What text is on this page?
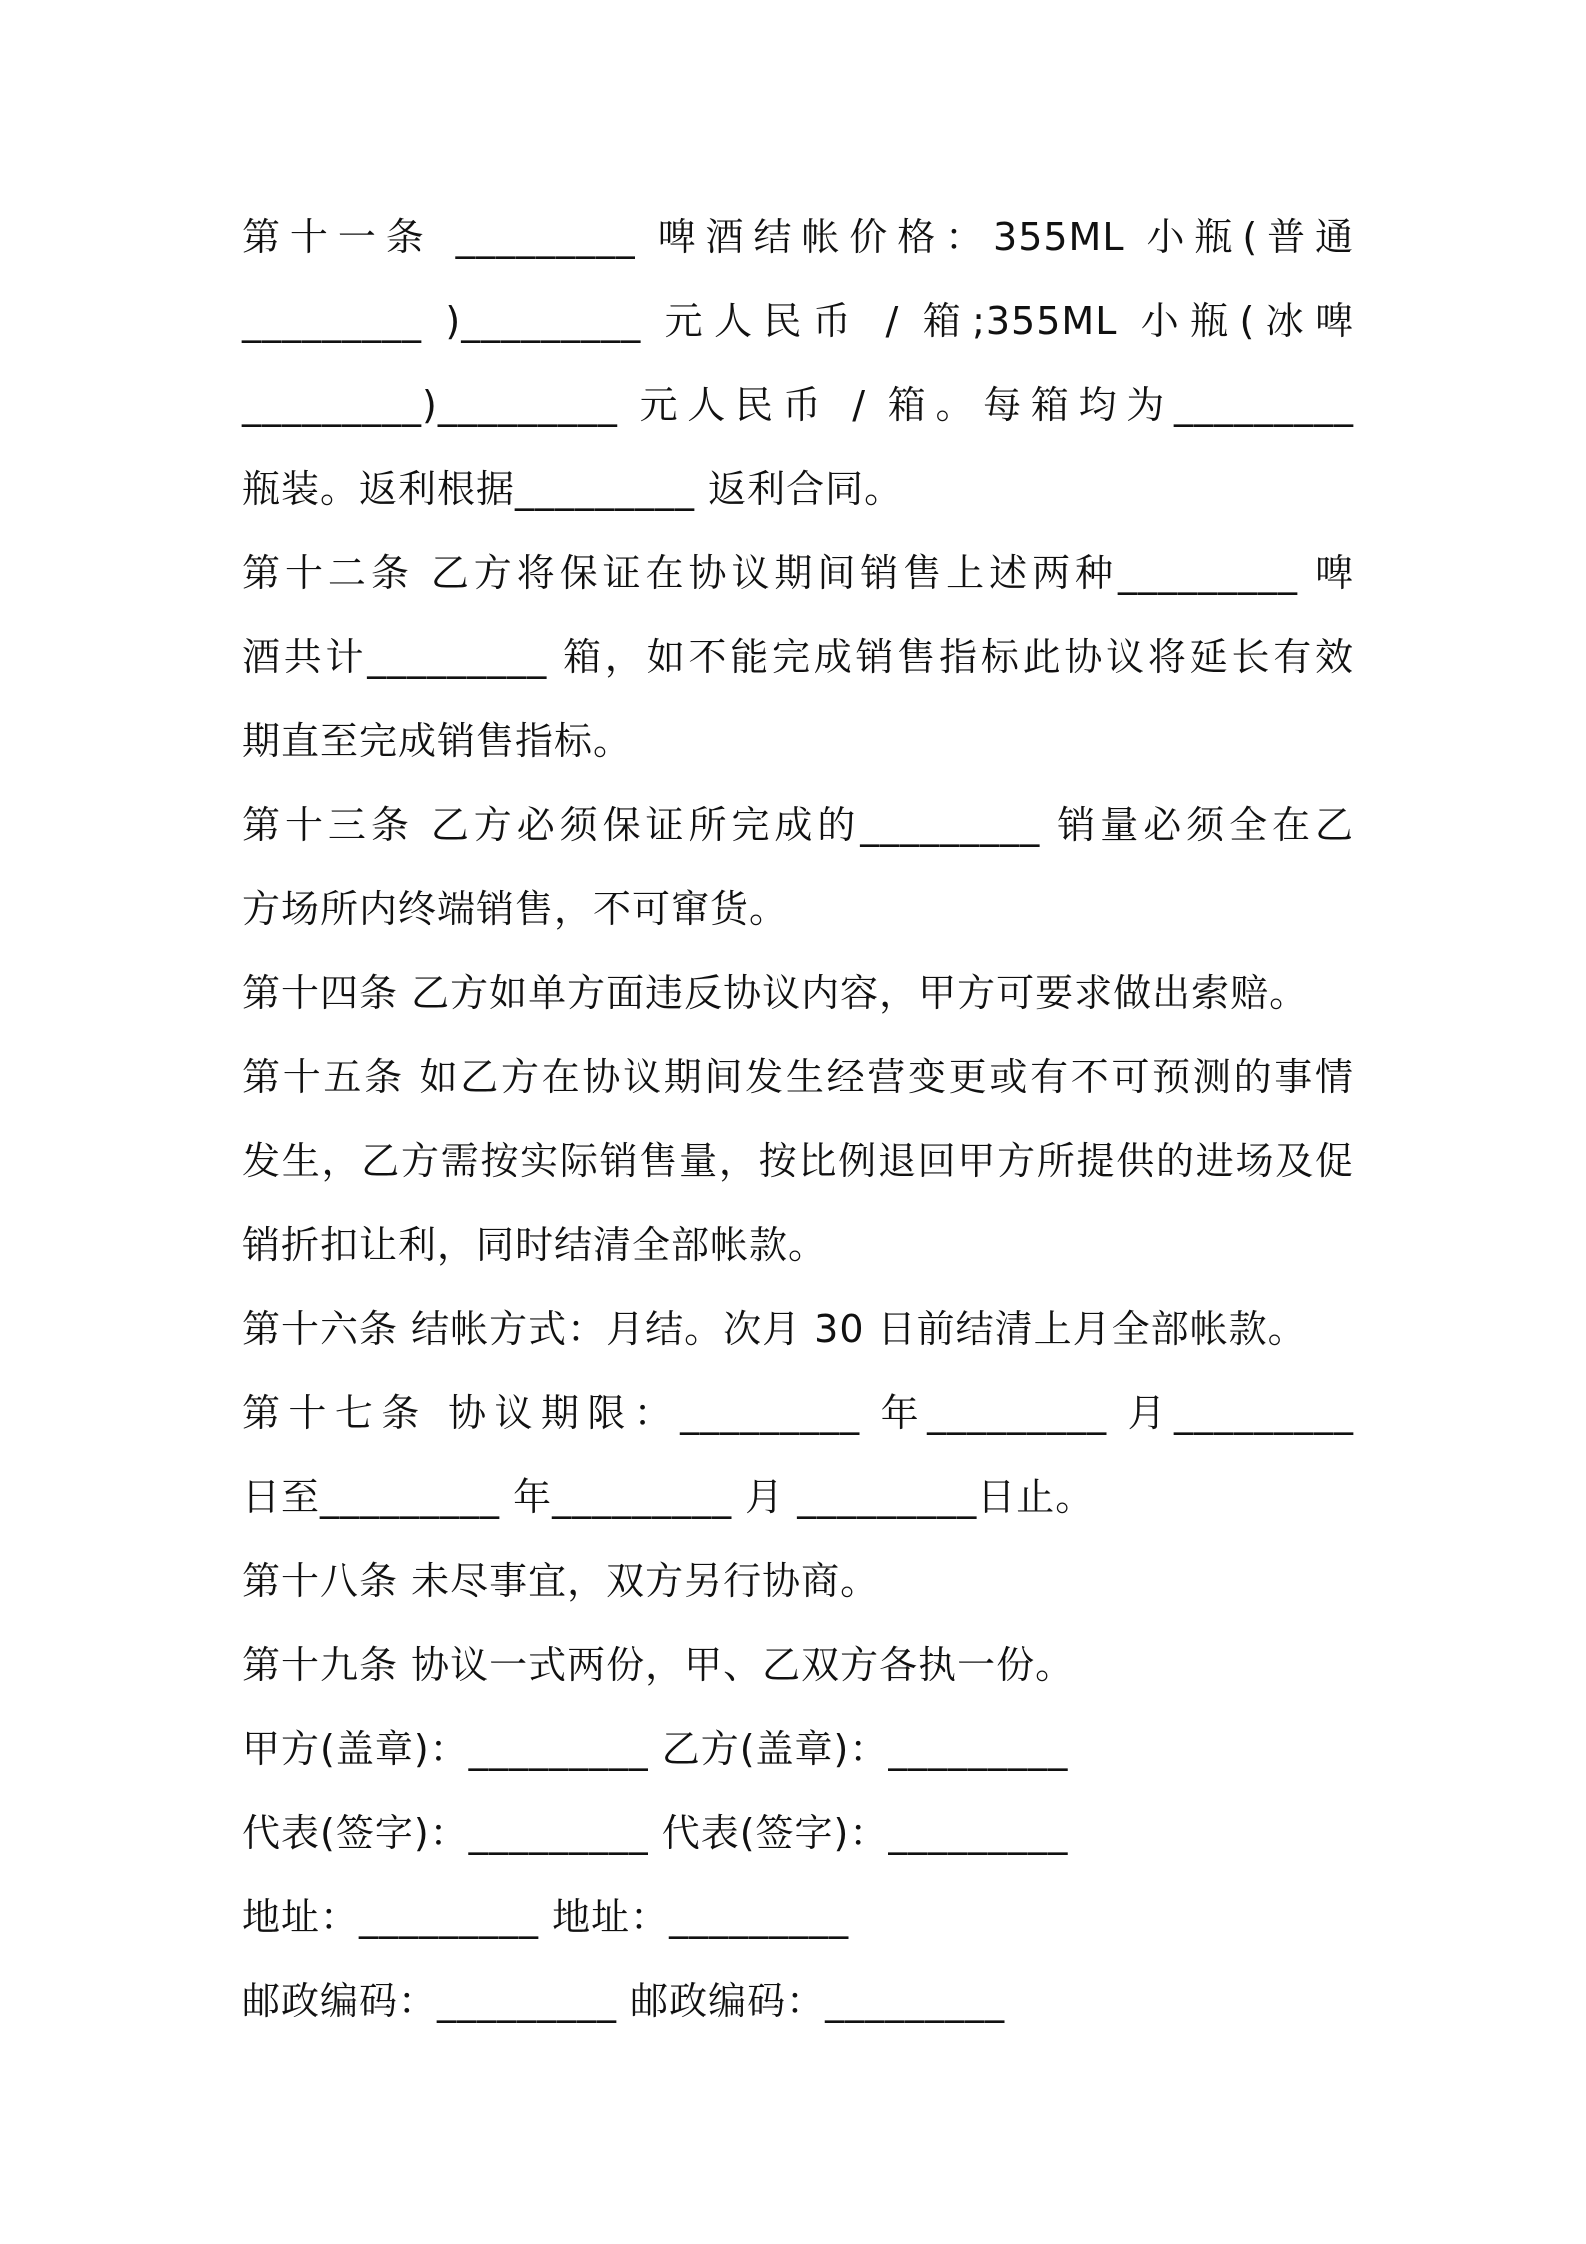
第十一条 _________ 啤酒结帐价格：355ML 小瓶(普通
_________ )_________ 元人民币 / 箱;355ML 小瓶(冰啤
_________)_________ 元人民币 / 箱。每箱均为_________
瓶装。返利根据_________ 返利合同。
第十二条 乙方将保证在协议期间销售上述两种_________ 啤
酒共计_________ 箱，如不能完成销售指标此协议将延长有效
期直至完成销售指标。
第十三条 乙方必须保证所完成的_________ 销量必须全在乙
方场所内终端销售，不可窜货。
第十四条 乙方如单方面违反协议内容，甲方可要求做出索赔。
第十五条 如乙方在协议期间发生经营变更或有不可预测的事情
发生，乙方需按实际销售量，按比例退回甲方所提供的进场及促
销折扣让利，同时结清全部帐款。
第十六条 结帐方式：月结。次月 30 日前结清上月全部帐款。
第十七条 协议期限：_________ 年_________ 月_________
日至_________ 年_________ 月 _________日止。
第十八条 未尽事宜，双方另行协商。
第十九条 协议一式两份，甲、乙双方各执一份。
甲方(盖章)：_________ 乙方(盖章)：_________
代表(签字)：_________ 代表(签字)：_________
地址：_________ 地址：_________
邮政编码：_________ 邮政编码：_________
